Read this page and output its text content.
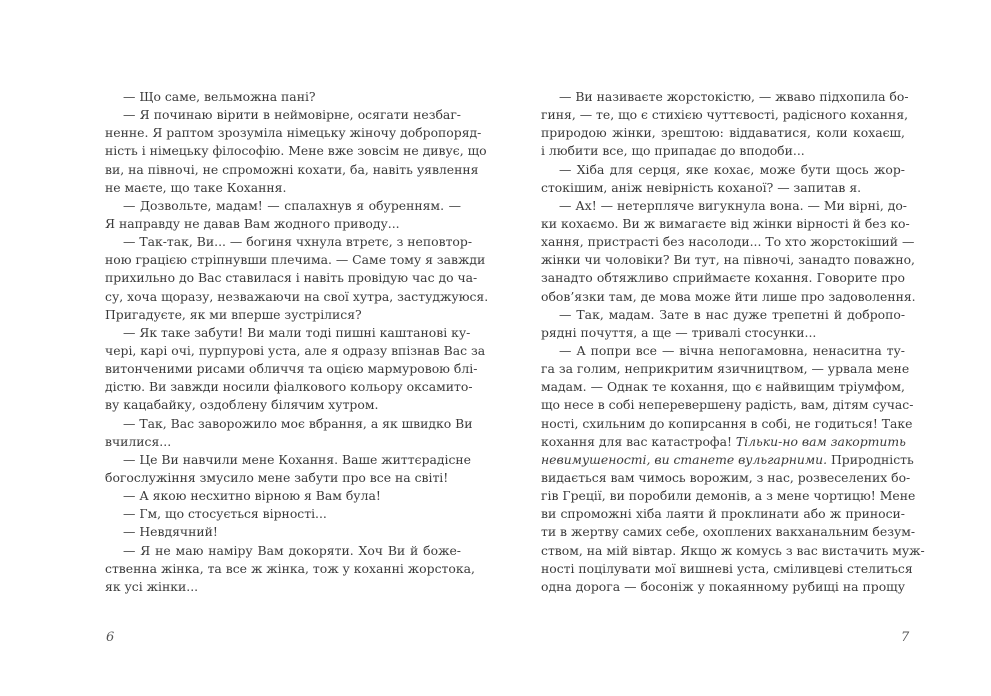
— Що саме, вельможна пані?
— Я починаю вірити в неймовірне, осягати незбаг-
ненне. Я раптом зрозуміла німецьку жіночу добропоряд-
ність і німецьку філософію. Мене вже зовсім не дивує, що
ви, на півночі, не спроможні кохати, ба, навіть уявлення
не маєте, що таке Кохання.
— Дозвольте, мадам! — спалахнув я обуренням. —
Я направду не давав Вам жодного приводу...
— Так-так, Ви... — богиня чхнула втретє, з неповтор-
ною грацією стріпнувши плечима. — Саме тому я завжди
прихильно до Вас ставилася і навіть провідую час до ча-
су, хоча щоразу, незважаючи на свої хутра, застуджуюся.
Пригадуєте, як ми вперше зустрілися?
— Як таке забути! Ви мали тоді пишні каштанові ку-
чері, карі очі, пурпурові уста, але я одразу впізнав Вас за
витонченими рисами обличчя та оцією мармуровою блі-
дістю. Ви завжди носили фіалкового кольору оксамито-
ву кацабайку, оздоблену білячим хутром.
— Так, Вас заворожило моє вбрання, а як швидко Ви
вчилися...
— Це Ви навчили мене Кохання. Ваше життєрадісне
богослужіння змусило мене забути про все на світі!
— А якою несхитно вірною я Вам була!
— Гм, що стосується вірності...
— Невдячний!
— Я не маю наміру Вам докоряти. Хоч Ви й боже-
ственна жінка, та все ж жінка, тож у коханні жорстока,
як усі жінки...
— Ви називаєте жорстокістю, — жваво підхопила бо-
гиня, — те, що є стихією чуттєвості, радісного кохання,
природою жінки, зрештою: віддаватися, коли кохаєш,
і любити все, що припадає до вподоби...
— Хіба для серця, яке кохає, може бути щось жор-
стокішим, аніж невірність коханої? — запитав я.
— Ах! — нетерпляче вигукнула вона. — Ми вірні, до-
ки кохаємо. Ви ж вимагаєте від жінки вірності й без ко-
хання, пристрасті без насолоди... То хто жорстокіший —
жінки чи чоловіки? Ви тут, на півночі, занадто поважно,
занадто обтяжливо сприймаєте кохання. Говорите про
обов’язки там, де мова може йти лише про задоволення.
— Так, мадам. Зате в нас дуже трепетні й добропо-
рядні почуття, а ще — тривалі стосунки...
— А попри все — вічна непогамовна, ненаситна ту-
га за голим, неприкритим язичництвом, — урвала мене
мадам. — Однак те кохання, що є найвищим тріумфом,
що несе в собі неперевершену радість, вам, дітям сучас-
ності, схильним до копирсання в собі, не годиться! Таке
кохання для вас катастрофа! Тільки-но вам закортить
невимушеності, ви станете вульгарними. Природність
видається вам чимось ворожим, з нас, розвеселених бо-
гів Греції, ви поробили демонів, а з мене чортицю! Мене
ви спроможні хіба лаяти й проклинати або ж приноси-
ти в жертву самих себе, охоплених вакханальним безум-
ством, на мій вівтар. Якщо ж комусь з вас вистачить муж-
ності поцілувати мої вишневі уста, сміливцеві стелиться
одна дорога — босоніж у покаянному рубищі на прощу
6	7
